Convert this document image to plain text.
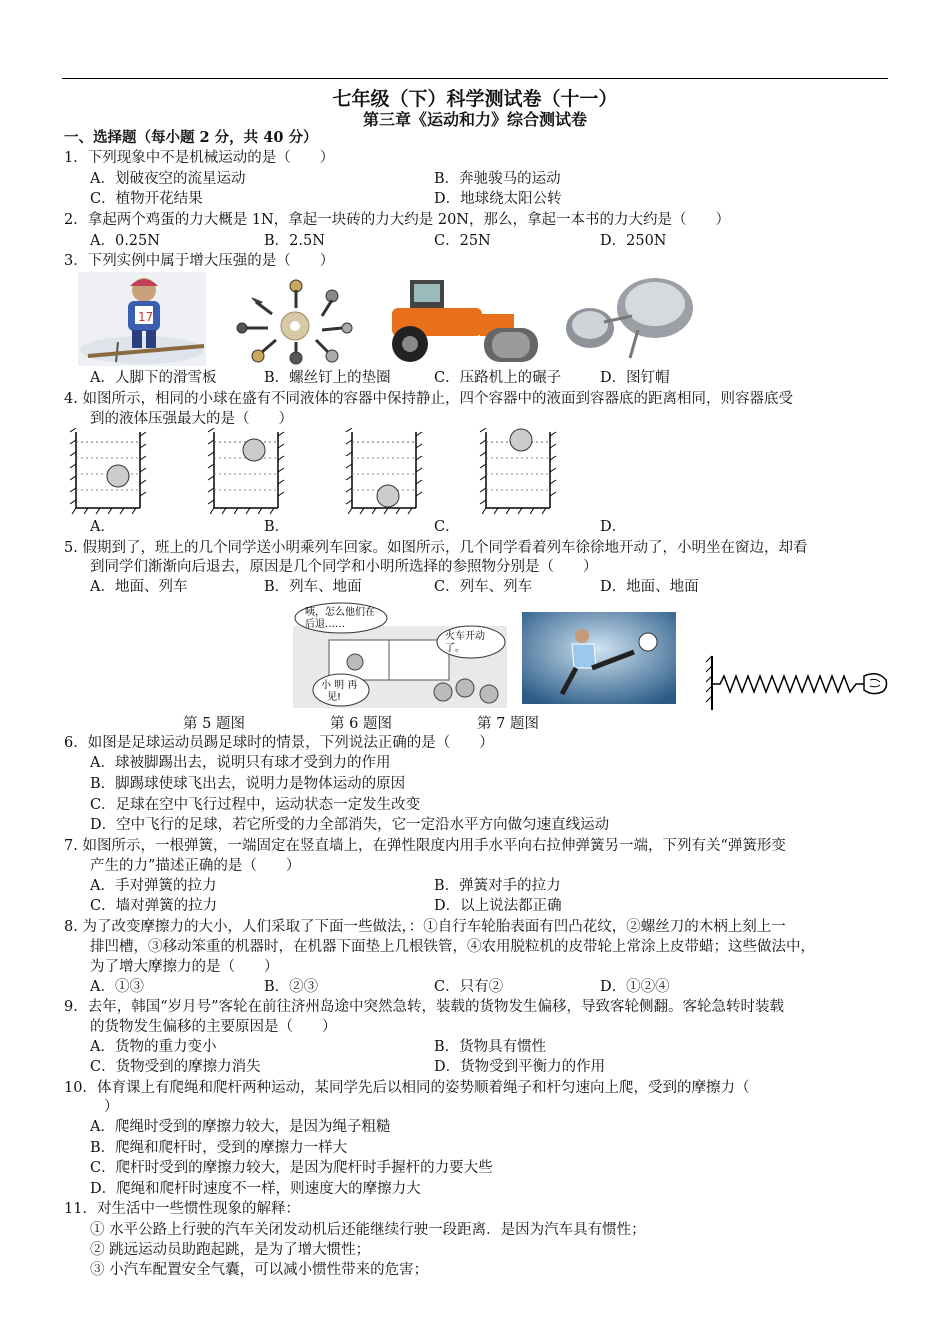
七年级（下）科学测试卷（十一）
第三章《运动和力》综合测试卷
一、选择题（每小题 2 分，共 40 分）
1．下列现象中不是机械运动的是（　　）
A．划破夜空的流星运动	B．奔驰骏马的运动
C．植物开花结果	D．地球绕太阳公转
2．拿起两个鸡蛋的力大概是 1N，拿起一块砖的力大约是 20N，那么，拿起一本书的力大约是（　　）
A．0.25N	B．2.5N	C．25N	D．250N
3．下列实例中属于增大压强的是（　　）
17
A．人脚下的滑雪板	B．螺丝钉上的垫圈	C．压路机上的碾子	D．图钉帽
4. 如图所示，相同的小球在盛有不同液体的容器中保持静止，四个容器中的液面到容器底的距离相同，则容器底受
到的液体压强最大的是（　　）
A．	B．	C．	D．
5. 假期到了，班上的几个同学送小明乘列车回家。如图所示，几个同学看着列车徐徐地开动了，小明坐在窗边，却看
到同学们渐渐向后退去，原因是几个同学和小明所选择的参照物分别是（　　）
A．地面、列车	B．列车、地面	C．列车、列车	D．地面、地面
咦，怎么他们在
后退……
火车开动
了。
小 明 再
见!
第 5 题图	第 6 题图	第 7 题图
6．如图是足球运动员踢足球时的情景，下列说法正确的是（　　）
A．球被脚踢出去，说明只有球才受到力的作用
B．脚踢球使球飞出去，说明力是物体运动的原因
C．足球在空中飞行过程中，运动状态一定发生改变
D．空中飞行的足球，若它所受的力全部消失，它一定沿水平方向做匀速直线运动
7. 如图所示，一根弹簧，一端固定在竖直墙上，在弹性限度内用手水平向右拉伸弹簧另一端，下列有关“弹簧形变
产生的力”描述正确的是（　　）
A．手对弹簧的拉力	B．弹簧对手的拉力
C．墙对弹簧的拉力	D．以上说法都正确
8. 为了改变摩擦力的大小，人们采取了下面一些做法，：①自行车轮胎表面有凹凸花纹，②螺丝刀的木柄上刻上一
排凹槽，③移动笨重的机器时，在机器下面垫上几根铁管，④农用脱粒机的皮带轮上常涂上皮带蜡；这些做法中，
为了增大摩擦力的是（　　）
A．①③	B．②③	C．只有②	D．①②④
9．去年，韩国“岁月号”客轮在前往济州岛途中突然急转，装载的货物发生偏移，导致客轮侧翻。客轮急转时装载
的货物发生偏移的主要原因是（　　）
A．货物的重力变小	B．货物具有惯性
C．货物受到的摩擦力消失	D．货物受到平衡力的作用
10．体育课上有爬绳和爬杆两种运动，某同学先后以相同的姿势顺着绳子和杆匀速向上爬，受到的摩擦力（
）
A．爬绳时受到的摩擦力较大，是因为绳子粗糙
B．爬绳和爬杆时，受到的摩擦力一样大
C．爬杆时受到的摩擦力较大，是因为爬杆时手握杆的力要大些
D．爬绳和爬杆时速度不一样，则速度大的摩擦力大
11．对生活中一些惯性现象的解释：
① 水平公路上行驶的汽车关闭发动机后还能继续行驶一段距离．是因为汽车具有惯性；
② 跳远运动员助跑起跳，是为了增大惯性；
③ 小汽车配置安全气囊，可以减小惯性带来的危害；
